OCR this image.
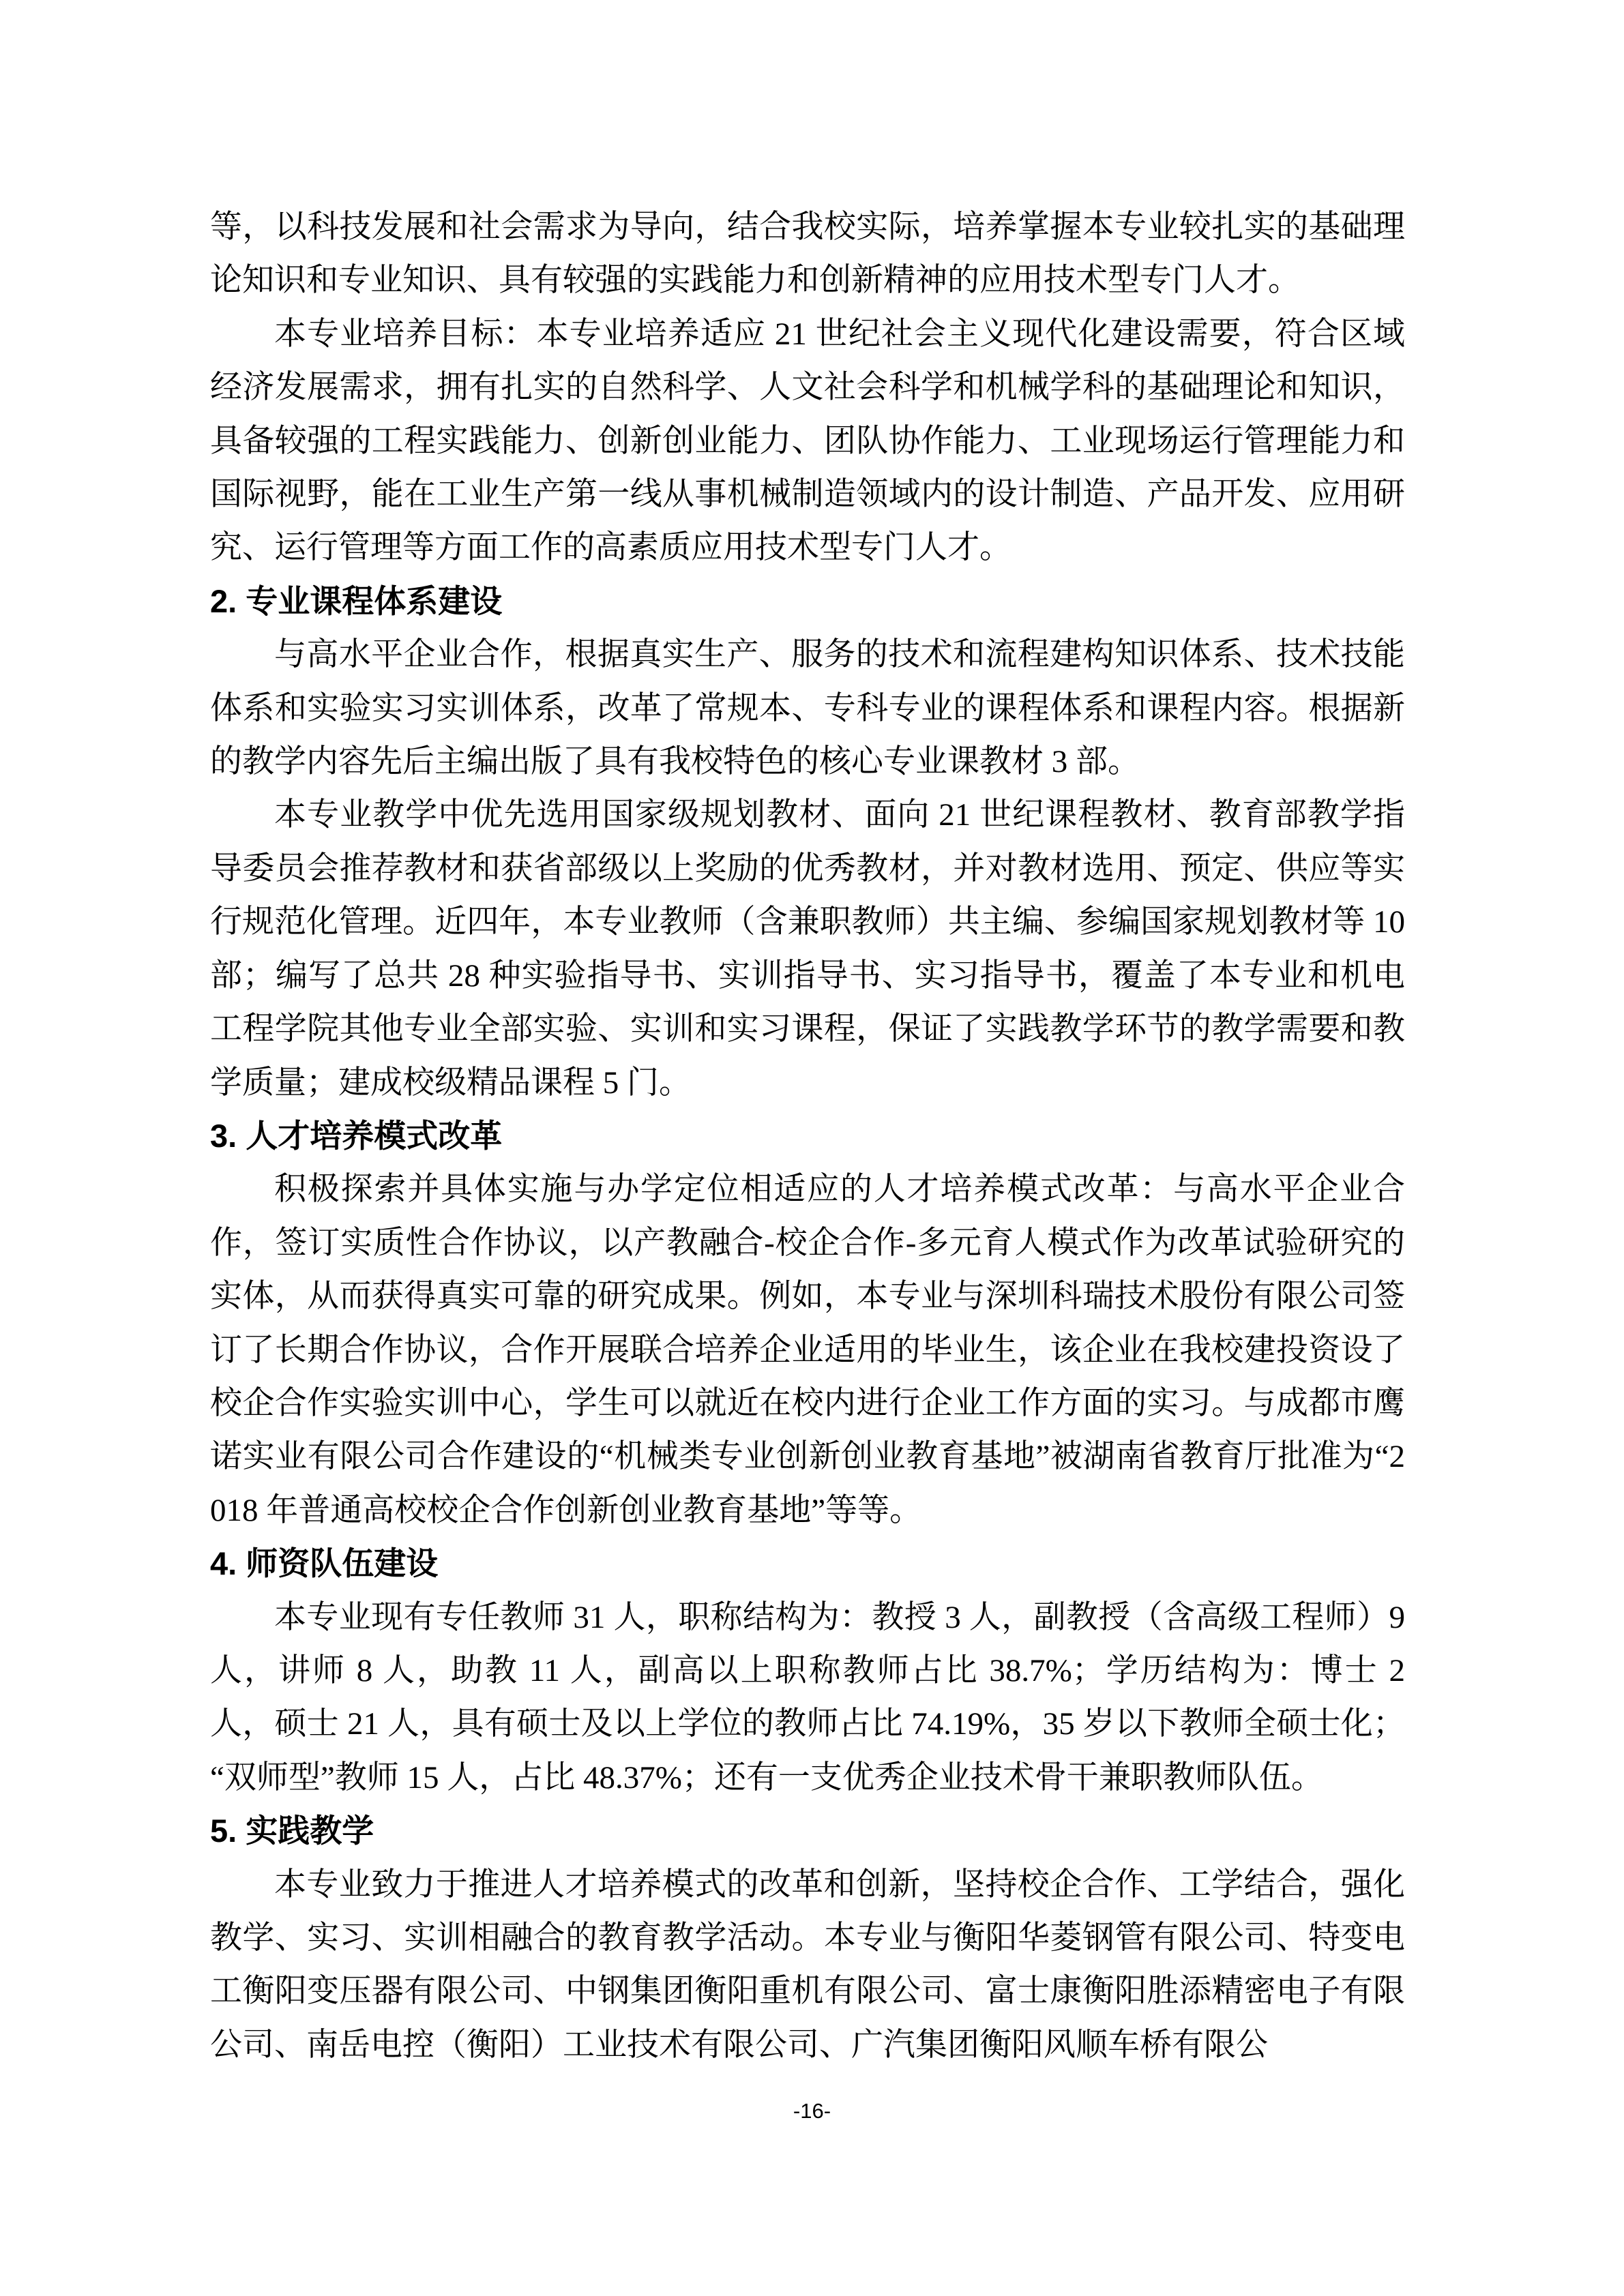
等，以科技发展和社会需求为导向，结合我校实际，培养掌握本专业较扎实的基础理论知识和专业知识、具有较强的实践能力和创新精神的应用技术型专门人才。

本专业培养目标：本专业培养适应 21 世纪社会主义现代化建设需要，符合区域经济发展需求，拥有扎实的自然科学、人文社会科学和机械学科的基础理论和知识，具备较强的工程实践能力、创新创业能力、团队协作能力、工业现场运行管理能力和国际视野，能在工业生产第一线从事机械制造领域内的设计制造、产品开发、应用研究、运行管理等方面工作的高素质应用技术型专门人才。

2. 专业课程体系建设

与高水平企业合作，根据真实生产、服务的技术和流程建构知识体系、技术技能体系和实验实习实训体系，改革了常规本、专科专业的课程体系和课程内容。根据新的教学内容先后主编出版了具有我校特色的核心专业课教材 3 部。

本专业教学中优先选用国家级规划教材、面向 21 世纪课程教材、教育部教学指导委员会推荐教材和获省部级以上奖励的优秀教材，并对教材选用、预定、供应等实行规范化管理。近四年，本专业教师（含兼职教师）共主编、参编国家规划教材等 10 部；编写了总共 28 种实验指导书、实训指导书、实习指导书，覆盖了本专业和机电工程学院其他专业全部实验、实训和实习课程，保证了实践教学环节的教学需要和教学质量；建成校级精品课程 5 门。

3. 人才培养模式改革

积极探索并具体实施与办学定位相适应的人才培养模式改革：与高水平企业合作，签订实质性合作协议，以产教融合-校企合作-多元育人模式作为改革试验研究的实体，从而获得真实可靠的研究成果。例如，本专业与深圳科瑞技术股份有限公司签订了长期合作协议，合作开展联合培养企业适用的毕业生，该企业在我校建投资设了校企合作实验实训中心，学生可以就近在校内进行企业工作方面的实习。与成都市鹰诺实业有限公司合作建设的“机械类专业创新创业教育基地”被湖南省教育厅批准为“2018 年普通高校校企合作创新创业教育基地”等等。

4. 师资队伍建设

本专业现有专任教师 31 人，职称结构为：教授 3 人，副教授（含高级工程师）9 人，讲师 8 人，助教 11 人，副高以上职称教师占比 38.7%；学历结构为：博士 2 人，硕士 21 人，具有硕士及以上学位的教师占比 74.19%，35 岁以下教师全硕士化；“双师型”教师 15 人，占比 48.37%；还有一支优秀企业技术骨干兼职教师队伍。

5. 实践教学

本专业致力于推进人才培养模式的改革和创新，坚持校企合作、工学结合，强化教学、实习、实训相融合的教育教学活动。本专业与衡阳华菱钢管有限公司、特变电工衡阳变压器有限公司、中钢集团衡阳重机有限公司、富士康衡阳胜添精密电子有限公司、南岳电控（衡阳）工业技术有限公司、广汽集团衡阳风顺车桥有限公

-16-
